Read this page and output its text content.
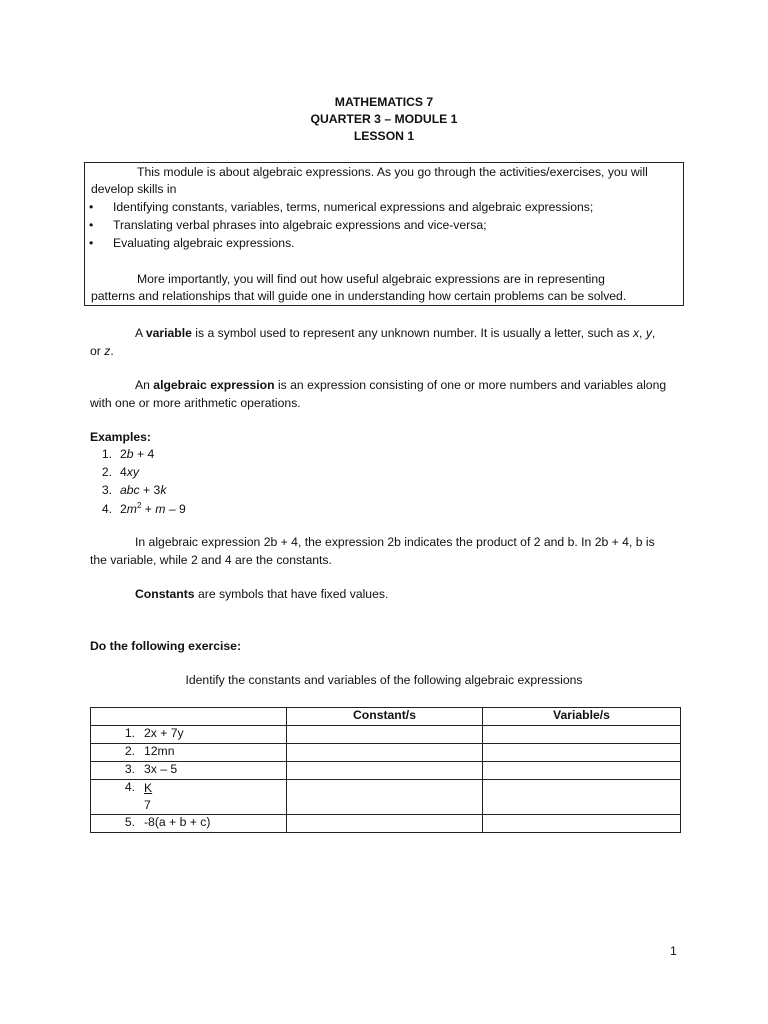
MATHEMATICS 7
QUARTER 3 – MODULE 1
LESSON 1
This module is about algebraic expressions. As you go through the activities/exercises, you will
develop skills in
• Identifying constants, variables, terms, numerical expressions and algebraic expressions;
• Translating verbal phrases into algebraic expressions and vice-versa;
• Evaluating algebraic expressions.
More importantly, you will find out how useful algebraic expressions are in representing
patterns and relationships that will guide one in understanding how certain problems can be solved.
A variable is a symbol used to represent any unknown number. It is usually a letter, such as x, y,
or z.
An algebraic expression is an expression consisting of one or more numbers and variables along
with one or more arithmetic operations.
Examples:
1. 2b + 4
2. 4xy
3. abc + 3k
4. $2m^2 + m - 9$
In algebraic expression 2b + 4, the expression 2b indicates the product of 2 and b. In 2b + 4, b is
the variable, while 2 and 4 are the constants.
Constants are symbols that have fixed values.
Do the following exercise:
Identify the constants and variables of the following algebraic expressions
	Constant/s	Variable/s
1. 2x + 7y		
2. 12mn		
3. 3x – 5		
4. $\frac{K}{7}$

5. -8(a + b + c)		
1
